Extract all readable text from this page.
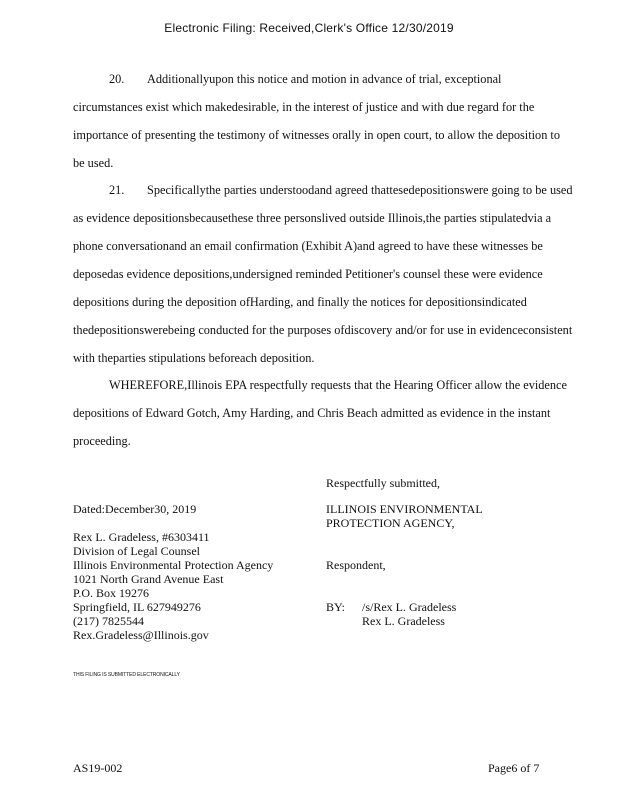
Electronic Filing: Received,Clerk's Office 12/30/2019
20. Additionallyupon this notice and motion in advance of trial, exceptional circumstances exist which makedesirable, in the interest of justice and with due regard for the importance of presenting the testimony of witnesses orally in open court, to allow the deposition to be used.
21. Specificallythe parties understoodand agreed thattesedepositionswere going to be used as evidence depositionsbecausethese three personslived outside Illinois,the parties stipulatedvia a phone conversationand an email confirmation (Exhibit A)and agreed to have these witnesses be deposedas evidence depositions,undersigned reminded Petitioner's counsel these were evidence depositions during the deposition ofHarding, and finally the notices for depositionsindicated thedepositionswerebeing conducted for the purposes ofdiscovery and/or for use in evidenceconsistent with theparties stipulations beforeach deposition.
WHEREFORE,Illinois EPA respectfully requests that the Hearing Officer allow the evidence depositions of Edward Gotch, Amy Harding, and Chris Beach admitted as evidence in the instant proceeding.
Respectfully submitted,
Dated:December30, 2019	ILLINOIS ENVIRONMENTAL
PROTECTION AGENCY,
Rex L. Gradeless, #6303411
Division of Legal Counsel
Illinois Environmental Protection Agency
1021 North Grand Avenue East
P.O. Box 19276
Springfield, IL 627949276
(217) 7825544
Rex.Gradeless@Illinois.gov
Respondent,
BY: /s/Rex L. Gradeless
Rex L. Gradeless
THIS FILING IS SUBMITTED ELECTRONICALLY
AS19-002	Page6 of 7
